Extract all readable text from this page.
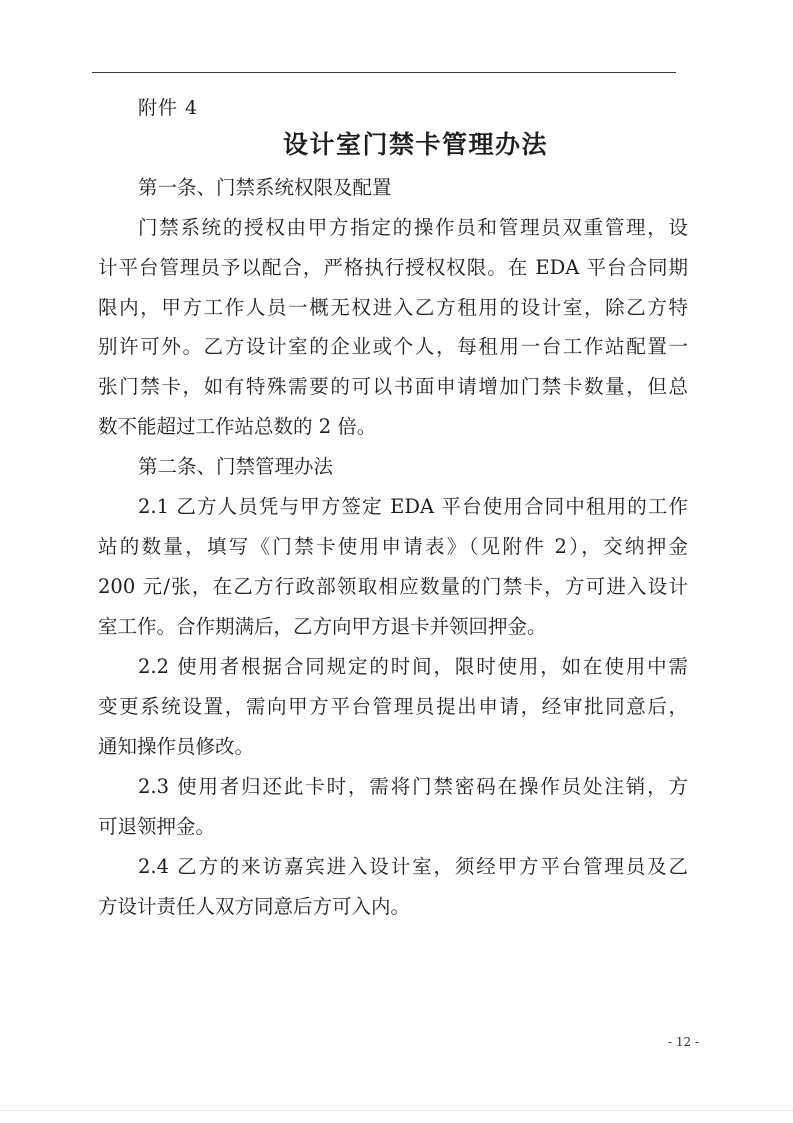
附件 4
设计室门禁卡管理办法
第一条、门禁系统权限及配置
门禁系统的授权由甲方指定的操作员和管理员双重管理，设
计平台管理员予以配合，严格执行授权权限。在 EDA 平台合同期
限内，甲方工作人员一概无权进入乙方租用的设计室，除乙方特
别许可外。乙方设计室的企业或个人，每租用一台工作站配置一
张门禁卡，如有特殊需要的可以书面申请增加门禁卡数量，但总
数不能超过工作站总数的 2 倍。
第二条、门禁管理办法
2.1 乙方人员凭与甲方签定 EDA 平台使用合同中租用的工作
站的数量，填写《门禁卡使用申请表》（见附件 2），交纳押金
200 元/张，在乙方行政部领取相应数量的门禁卡，方可进入设计
室工作。合作期满后，乙方向甲方退卡并领回押金。
2.2 使用者根据合同规定的时间，限时使用，如在使用中需
变更系统设置，需向甲方平台管理员提出申请，经审批同意后，
通知操作员修改。
2.3 使用者归还此卡时，需将门禁密码在操作员处注销，方
可退领押金。
2.4 乙方的来访嘉宾进入设计室，须经甲方平台管理员及乙
方设计责任人双方同意后方可入内。
- 12 -
